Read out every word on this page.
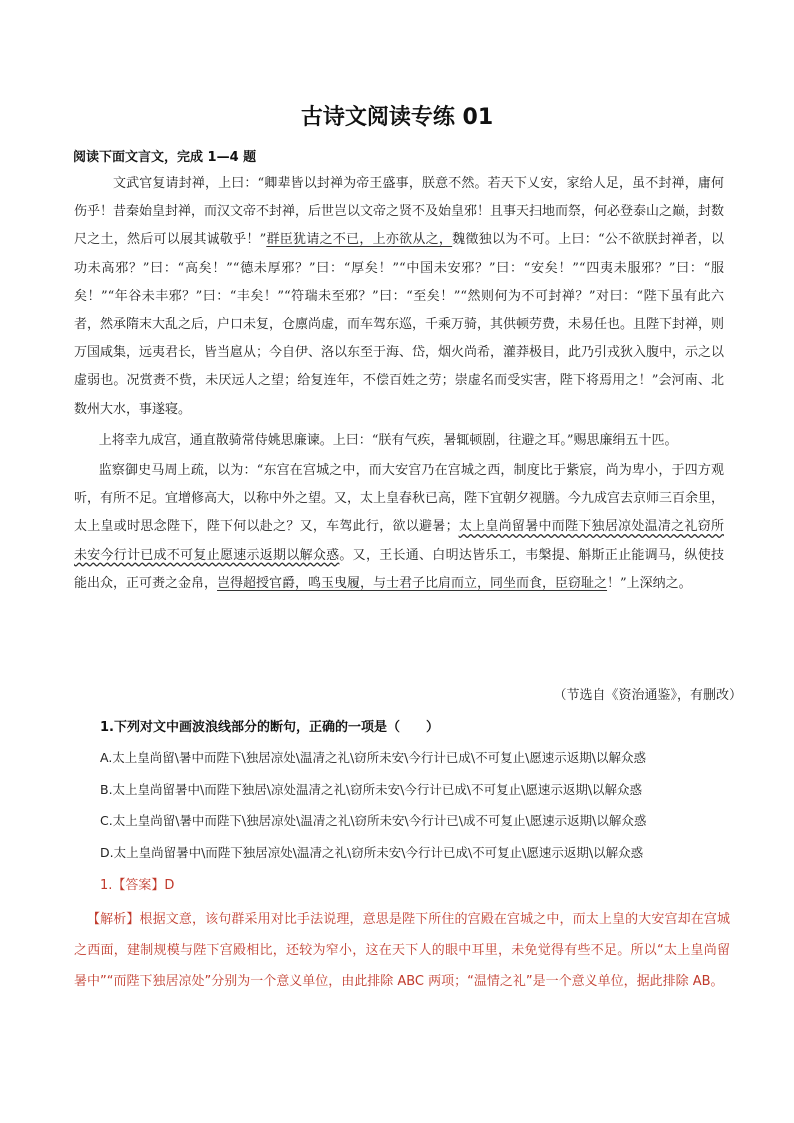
古诗文阅读专练 01
阅读下面文言文，完成 1—4 题

文武官复请封禅，上曰：“卿辈皆以封禅为帝王盛事，朕意不然。若天下乂安，家给人足，虽不封禅，庸何伤乎！昔秦始皇封禅，而汉文帝不封禅，后世岂以文帝之贤不及始皇邪！且事天扫地而祭，何必登泰山之巅，封数尺之土，然后可以展其诚敬乎！”群臣犹请之不已，上亦欲从之，魏徵独以为不可。上曰：“公不欲朕封禅者，以功未高邪？”曰：“高矣！”“德未厚邪？”曰：“厚矣！”“中国未安邪？”曰：“安矣！”“四夷未服邪？”曰：“服矣！”“年谷未丰邪？”曰：“丰矣！”“符瑞未至邪？”曰：“至矣！”“然则何为不可封禅？”对曰：“陛下虽有此六者，然承隋末大乱之后，户口未复，仓廪尚虚，而车驾东巡，千乘万骑，其供顿劳费，未易任也。且陛下封禅，则万国咸集，远夷君长，皆当扈从；今自伊、洛以东至于海、岱，烟火尚希，灌莽极目，此乃引戎狄入腹中，示之以虚弱也。况赏赉不赀，未厌远人之望；给复连年，不偿百姓之劳；崇虚名而受实害，陛下将焉用之！”会河南、北数州大水，事遂寝。

上将幸九成宫，通直散骑常侍姚思廉谏。上曰：“朕有气疾，暑辄顿剧，往避之耳。”赐思廉绢五十匹。

监察御史马周上疏，以为：“东宫在宫城之中，而大安宫乃在宫城之西，制度比于紫宸，尚为卑小，于四方观听，有所不足。宜增修高大，以称中外之望。又，太上皇春秋已高，陛下宜朝夕视膳。今九成宫去京师三百余里，太上皇或时思念陛下，陛下何以赴之？又，车驾此行，欲以避暑；太上皇尚留暑中而陛下独居凉处温凊之礼窃所未安今行计已成不可复止愿速示返期以解众惑。又，王长通、白明达皆乐工，韦槃提、斛斯正止能调马，纵使技能出众，正可赉之金帛，岂得超授官爵，鸣玉曳履，与士君子比肩而立，同坐而食，臣窃耻之！”上深纳之。

（节选自《资治通鉴》，有删改）
1.下列对文中画波浪线部分的断句，正确的一项是（　　）
A.太上皇尚留\暑中而陛下\独居凉处\温凊之礼\窃所未安\今行计已成\不可复止\愿速示返期\以解众惑
B.太上皇尚留暑中\而陛下独居\凉处温凊之礼\窃所未安\今行计已成\不可复止\愿速示返期\以解众惑
C.太上皇尚留\暑中而陛下\独居凉处\温凊之礼\窃所未安\今行计已\成不可复止\愿速示返期\以解众惑
D.太上皇尚留暑中\而陛下独居凉处\温凊之礼\窃所未安\今行计已成\不可复止\愿速示返期\以解众惑
1.【答案】D
【解析】根据文意，该句群采用对比手法说理，意思是陛下所住的宫殿在宫城之中，而太上皇的大安宫却在宫城之西面，建制规模与陛下宫殿相比，还较为窄小，这在天下人的眼中耳里，未免觉得有些不足。所以“太上皇尚留暑中”“而陛下独居凉处”分别为一个意义单位，由此排除 ABC 两项；“温情之礼”是一个意义单位，据此排除 AB。
